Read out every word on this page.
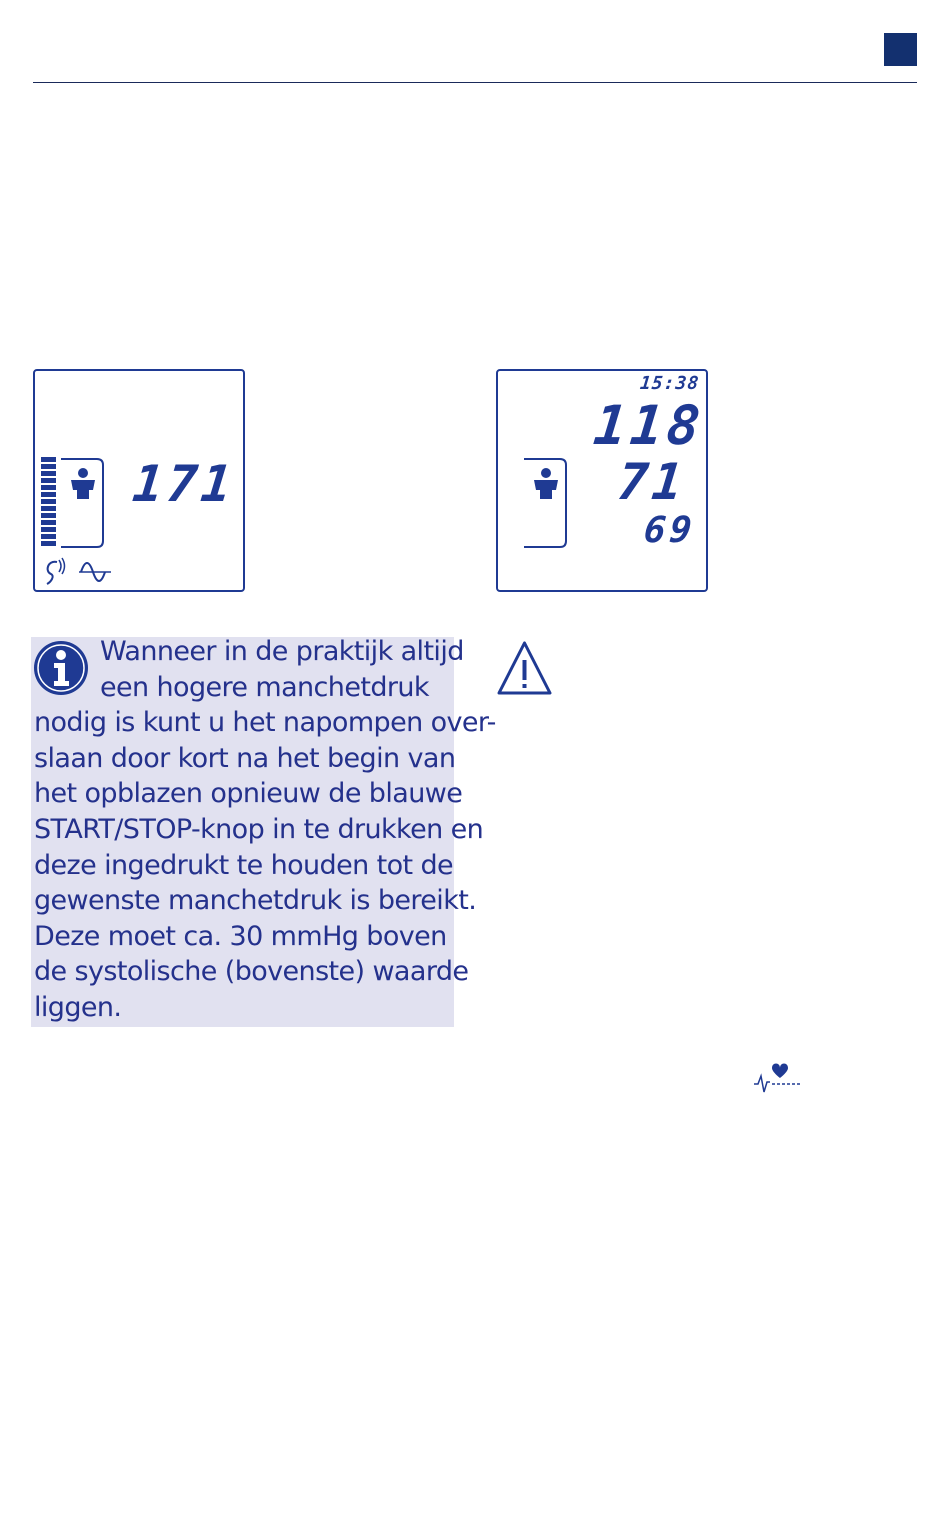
171
15:38
118
71
69
Wanneer in de praktijk altijd
een hogere manchetdruk
nodig is kunt u het napompen over-
slaan door kort na het begin van
het opblazen opnieuw de blauwe
START/STOP-knop in te drukken en
deze ingedrukt te houden tot de
gewenste manchetdruk is bereikt.
Deze moet ca. 30 mmHg boven
de systolische (bovenste) waarde
liggen.
